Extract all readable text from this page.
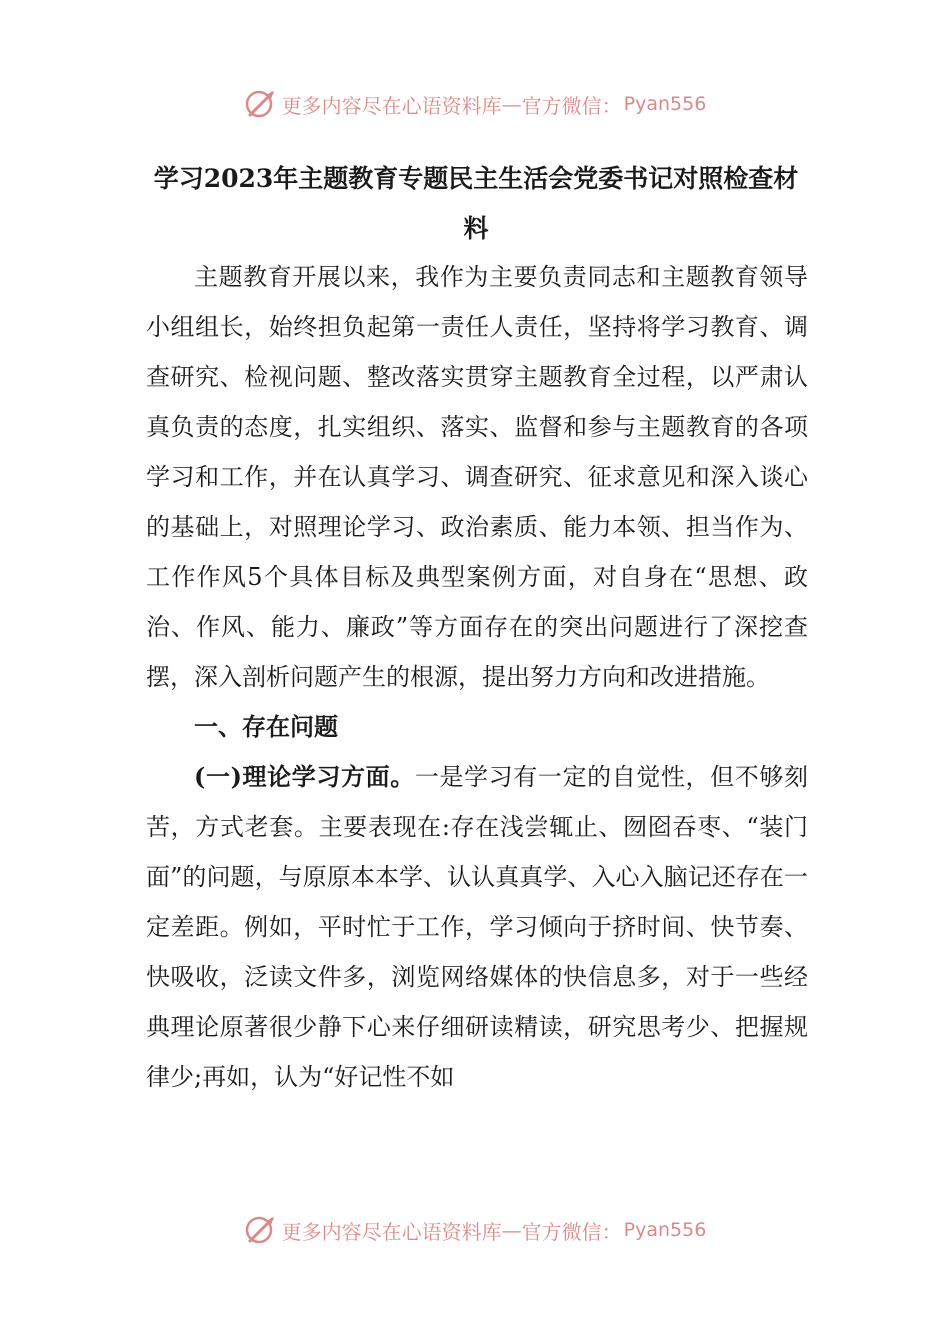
更多内容尽在心语资料库 — 官方微信： Pyan556
学习2023年主题教育专题民主生活会党委书记对照检查材料

主题教育开展以来，我作为主要负责同志和主题教育领导小组组长，始终担负起第一责任人责任，坚持将学习教育、调查研究、检视问题、整改落实贯穿主题教育全过程，以严肃认真负责的态度，扎实组织、落实、监督和参与主题教育的各项学习和工作，并在认真学习、调查研究、征求意见和深入谈心的基础上，对照理论学习、政治素质、能力本领、担当作为、工作作风5个具体目标及典型案例方面，对自身在“思想、政治、作风、能力、廉政”等方面存在的突出问题进行了深挖查摆，深入剖析问题产生的根源，提出努力方向和改进措施。

一、存在问题

(一)理论学习方面。一是学习有一定的自觉性，但不够刻苦，方式老套。主要表现在:存在浅尝辄止、囫囵吞枣、“装门面”的问题，与原原本本学、认认真真学、入心入脑记还存在一定差距。例如，平时忙于工作，学习倾向于挤时间、快节奏、快吸收，泛读文件多，浏览网络媒体的快信息多，对于一些经典理论原著很少静下心来仔细研读精读，研究思考少、把握规律少;再如，认为“好记性不如

更多内容尽在心语资料库 — 官方微信： Pyan556
